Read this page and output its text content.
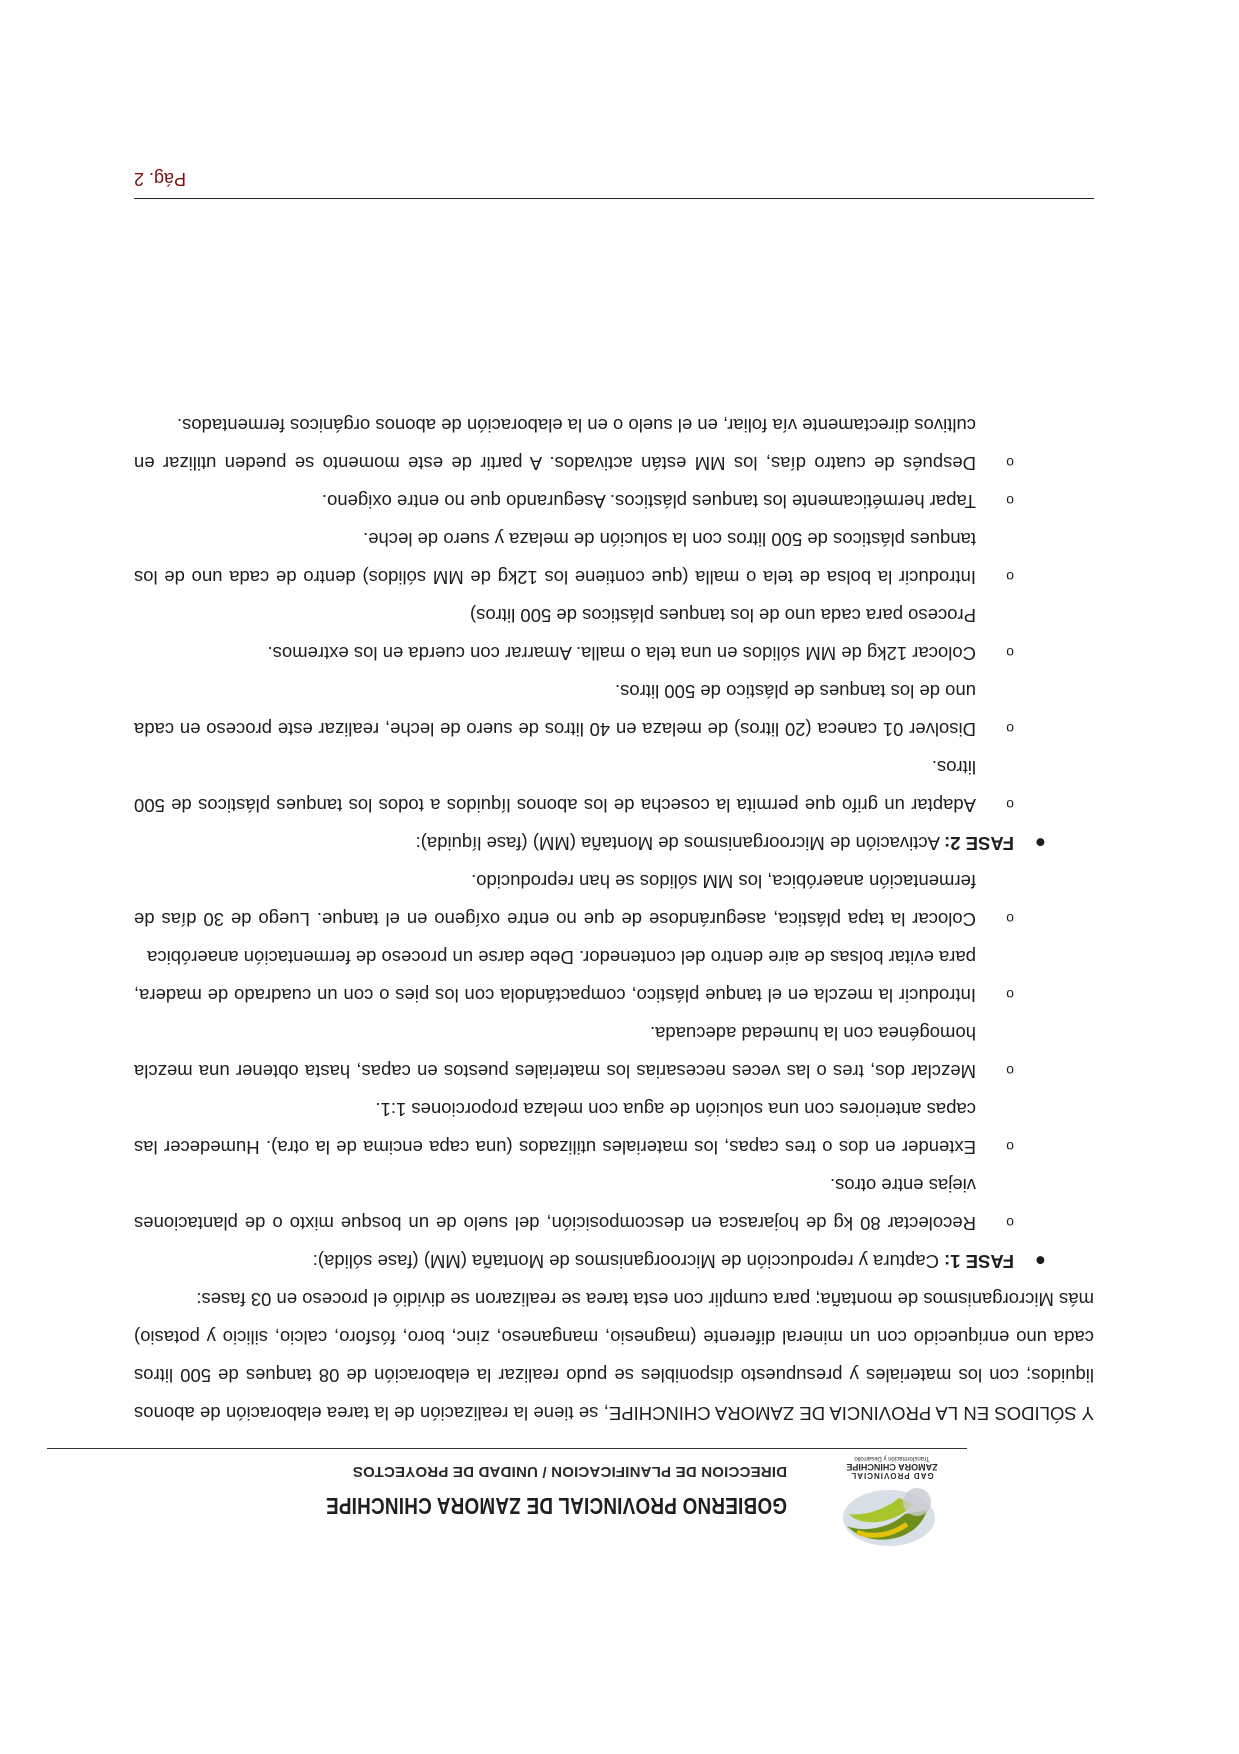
GAD PROVINCIAL
ZAMORA CHINCHIPE
Transformación y Desarrollo
GOBIERNO PROVINCIAL DE ZAMORA CHINCHIPE
DIRECCION DE PLANIFICACION / UNIDAD DE PROYECTOS

Y SÓLIDOS EN LA PROVINCIA DE ZAMORA CHINCHIPE, se tiene la realización de la tarea elaboración de abonos liquidos; con los materiales y presupuesto disponibles se pudo realizar la elaboración de 08 tanques de 500 litros cada uno enriquecido con un mineral diferente (magnesio, manganeso, zinc, boro, fósforo, calcio, silicio y potasio) más Microrganismos de montaña; para cumplir con esta tarea se realizaron se dividió el proceso en 03 fases:

●
FASE 1: Captura y reproducción de Microorganismos de Montaña (MM) (fase sólida):

o
Recolectar 80 kg de hojarasca en descomposición, del suelo de un bosque mixto o de plantaciones viejas entre otros.

o
Extender en dos o tres capas, los materiales utilizados (una capa encima de la otra). Humedecer las capas anteriores con una solución de agua con melaza proporciones 1:1.

o
Mezclar dos, tres o las veces necesarias los materiales puestos en capas, hasta obtener una mezcla homogénea con la humedad adecuada.

o
Introducir la mezcla en el tanque plástico, compactándola con los pies o con un cuadrado de madera, para evitar bolsas de aire dentro del contenedor. Debe darse un proceso de fermentación anaeróbica

o
Colocar la tapa plástica, asegurándose de que no entre oxígeno en el tanque. Luego de 30 días de fermentación anaeróbica, los MM sólidos se han reproducido.

●
FASE 2: Activación de Microorganismos de Montaña (MM) (fase líquida):

o
Adaptar un grifo que permita la cosecha de los abonos líquidos a todos los tanques plásticos de 500 litros.

o
Disolver 01 caneca (20 litros) de melaza en 40 litros de suero de leche, realizar este proceso en cada uno de los tanques de plástico de 500 litros.

o
Colocar 12kg de MM sólidos en una tela o malla. Amarrar con cuerda en los extremos.

Proceso para cada uno de los tanques plásticos de 500 litros)

o
Introducir la bolsa de tela o malla (que contiene los 12kg de MM sólidos) dentro de cada uno de los tanques plásticos de 500 litros con la solución de melaza y suero de leche.

o
Tapar herméticamente los tanques plásticos. Asegurando que no entre oxigeno.

o
Después de cuatro días, los MM están activados. A partir de este momento se pueden utilizar en cultivos directamente vía foliar, en el suelo o en la elaboración de abonos orgánicos fermentados.

Pág. 2
